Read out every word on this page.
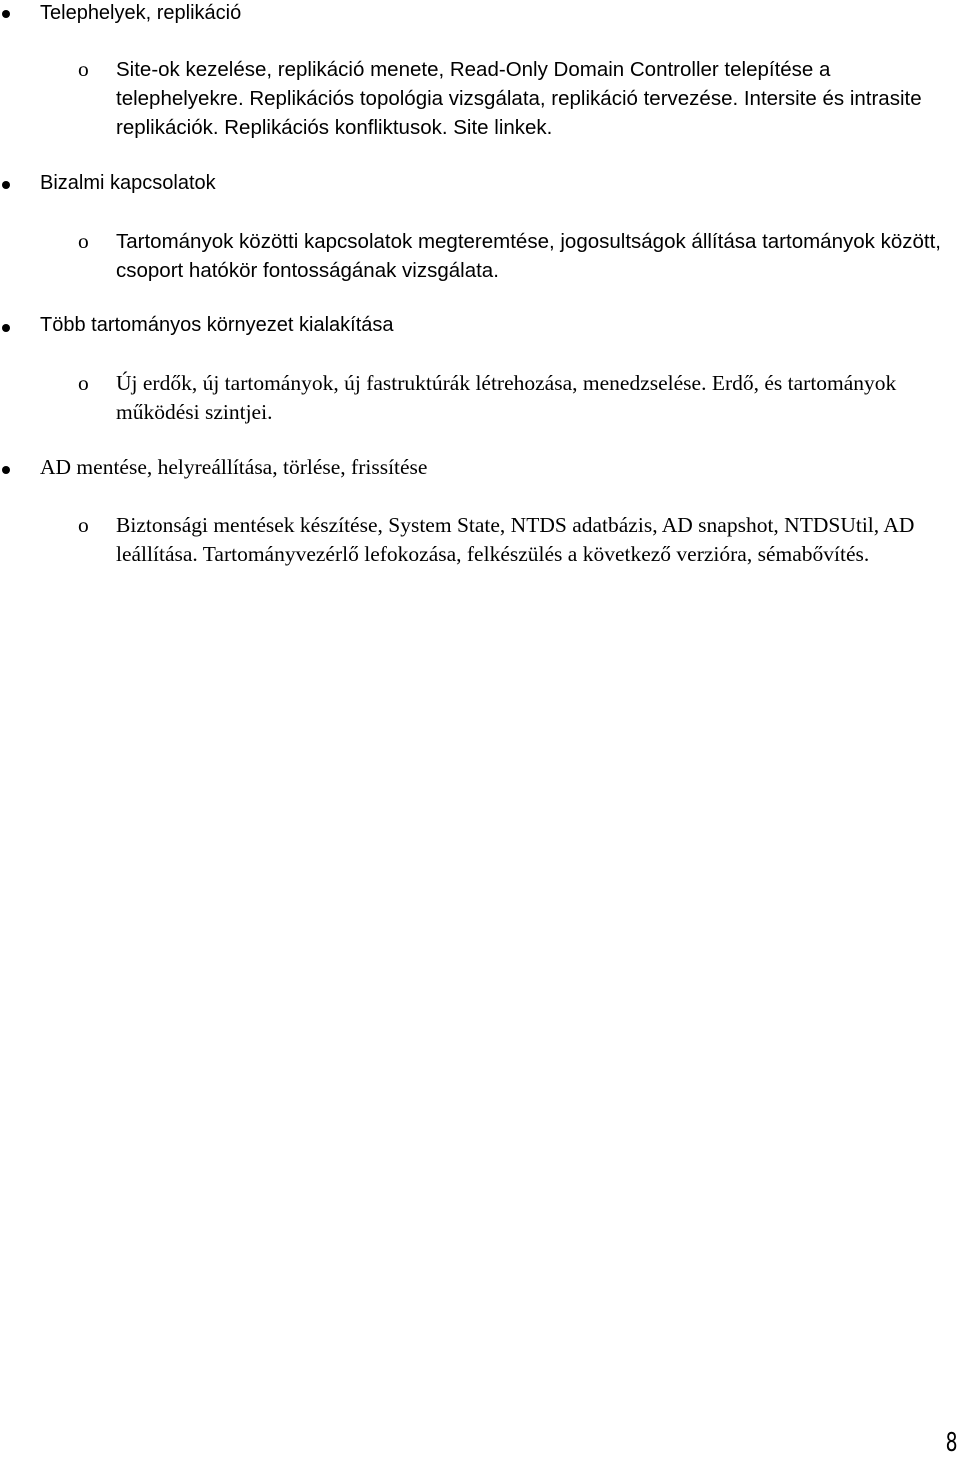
Telephelyek, replikáció
o Site-ok kezelése, replikáció menete, Read-Only Domain Controller telepítése a telephelyekre. Replikációs topológia vizsgálata, replikáció tervezése. Intersite és intrasite replikációk. Replikációs konfliktusok. Site linkek.
Bizalmi kapcsolatok
o Tartományok közötti kapcsolatok megteremtése, jogosultságok állítása tartományok között, csoport hatókör fontosságának vizsgálata.
Több tartományos környezet kialakítása
o Új erdők, új tartományok, új fastruktúrák létrehozása, menedzselése. Erdő, és tartományok működési szintjei.
AD mentése, helyreállítása, törlése, frissítése
o Biztonsági mentések készítése, System State, NTDS adatbázis, AD snapshot, NTDSUtil, AD leállítása. Tartományvezérlő lefokozása, felkészülés a következő verzióra, sémabővítés.
8
